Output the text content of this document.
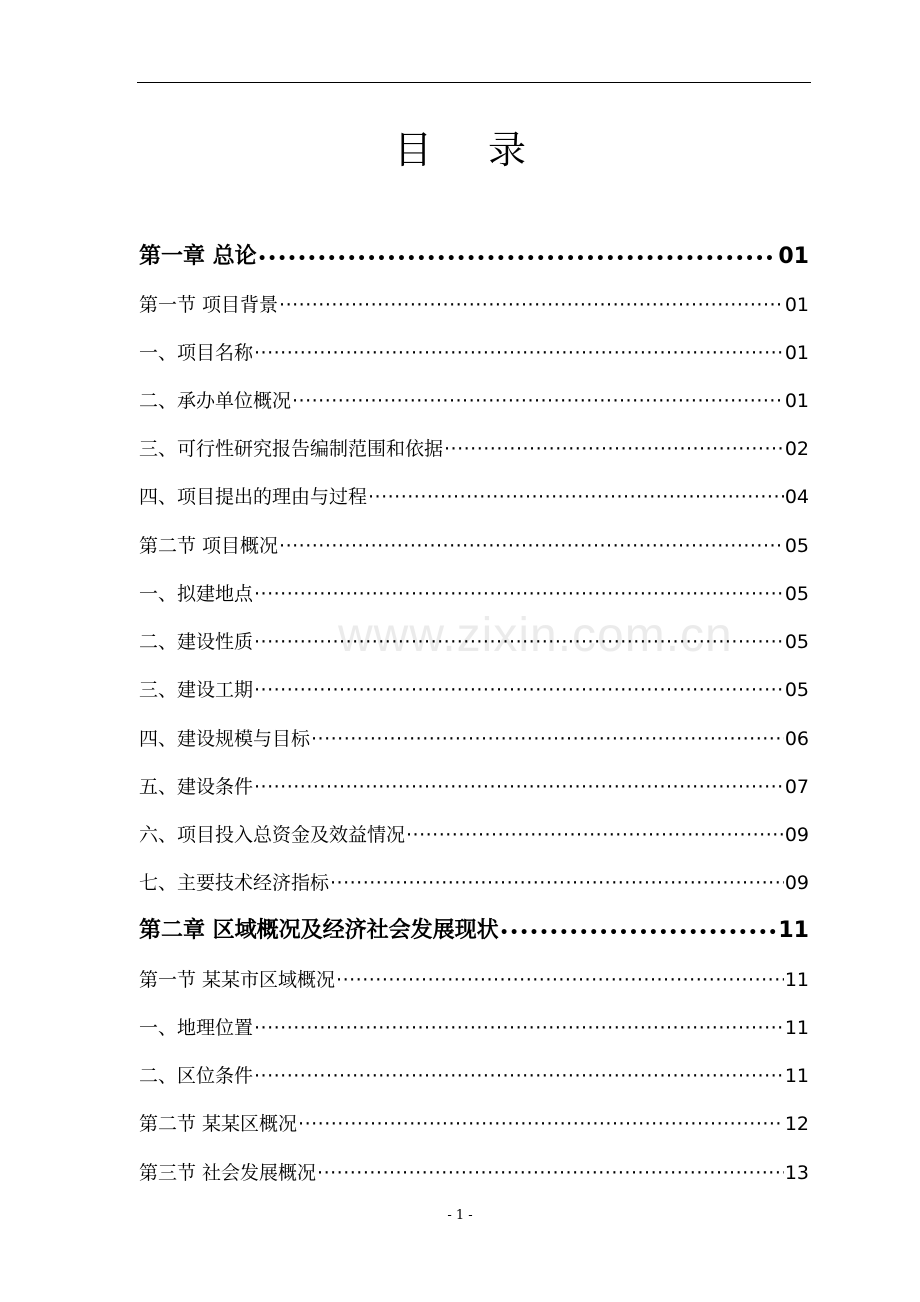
目 录
第一章 总论 •••••	01
第一节 项目背景 ·····	01
一、项目名称 ·····	01
二、承办单位概况 ·····	01
三、可行性研究报告编制范围和依据 ·····	02
四、项目提出的理由与过程 ·····	04
第二节 项目概况 ·····	05
一、拟建地点 ·····	05
二、建设性质 ·····	05
三、建设工期 ·····	05
四、建设规模与目标 ·····	06
五、建设条件 ·····	07
六、项目投入总资金及效益情况 ·····	09
七、主要技术经济指标 ·····	09
第二章 区域概况及经济社会发展现状 •••••	11
第一节 某某市区域概况 ·····	11
一、地理位置 ·····	11
二、区位条件 ·····	11
第二节 某某区概况 ·····	12
第三节 社会发展概况 ·····	13
www.zixin.com.cn
- 1 -
